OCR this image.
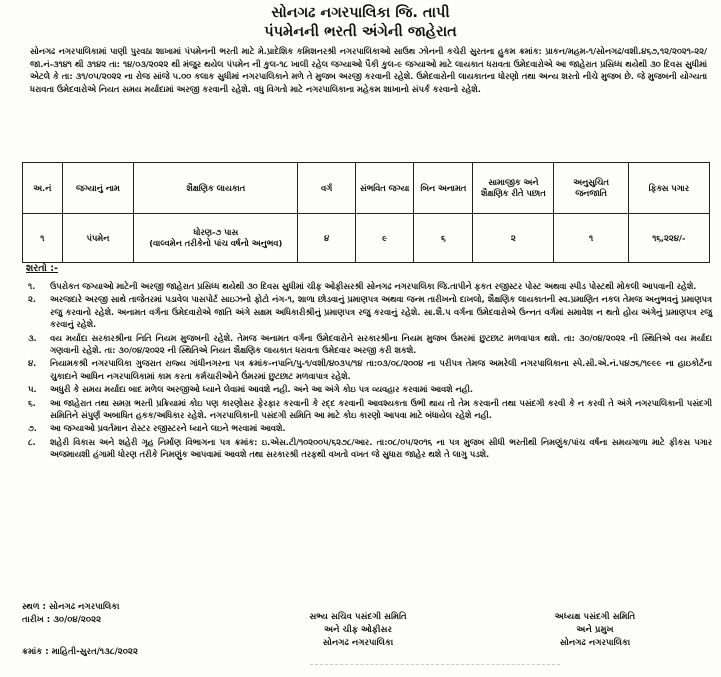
સોનગઢ નગરપાલિકા જિ. તાપી
પંપમેનની ભરતી અંગેની જાહેરાત
સોનગઢ નગરપાલિકામાં પાણી પુરવઠા શાખામાં પંપમેનની ભરતી માટે મે.પ્રાદેશિક કમિશનરશ્રી નગરપાલિકાઓ સાઉથ ઝોનની કચેરી સુરતના હુકમ ક્રમાંક: પ્રાકન/મહમ-૧/સોનગઢ/વશી.૪૬૭,૧૨/૨૦૨૧-૨૨/જા.નં-૩૧૪૧ થી ૩૧૪૨ તા: ૧૪/૦૩/૨૦૨૨ થી મંજુર થયેલ પંપમેન ની કુલ-૧૮ ખાલી રહેલ જગ્યાઓ પૈકી કુલ-૯ જગ્યાઓ માટે લાયકાત ધરાવતા ઉમેદવારોએ આ જાહેરાત પ્રસિધ્ધ થયેથી ૩૦ દિવસ સુધીમાં એટલે કે તા: ૩૧/૦૫/૨૦૨૨ ના રોજ સાંજે ૫.૦૦ કલાક સુધીમાં નગરપાલિકાને મળે તે મુજબ અરજી કરવાની રહેશે. ઉમેદવારોની લાયકાતના ધોરણો તથા અન્ય શરતો નીચે મુજબ છે. જે મુજબની યોગ્યતા ધરાવતા ઉમેદવારોએ નિયત સમય મર્યાદામાં અરજી કરવાની રહેશે. વધુ વિગતો માટે નગરપાલિકાના મહેકમ શાખાનો સંપર્ક કરવાનો રહેશે.
અ.નં	જગ્યાનું નામ	શૈક્ષણિક લાયકાત	વર્ગ	સંભવિત જગ્યા	બિન અનામત	સામાજીક અને શૈક્ષણિક રીતે પછાત	અનુસુચિત જનજાતિ	ફિક્સ પગાર
૧	પંપમેન	ધોરણ-૭ પાસ
(વાલ્વમેન તરીકેનો પાંચ વર્ષનો અનુભવ)	૪	૯	૬	૨	૧	૧૬,૨૨૪/-
શરતો :-
૧.	ઉપરોકત જગ્યાઓ માટેની અરજી જાહેરાત પ્રસિધ્ધ થયેથી ૩૦ દિવસ સુધીમાં ચીફ ઓફીસરશ્રી સોનગઢ નગરપાલિકા જિ.તાપીને ફકત રજીસ્ટર પોસ્ટ અથવા સ્પીડ પોસ્ટથી મોકલી આપવાની રહેશે.
૨.	અરજદારે અરજી સાથે તાજેતરમાં પડાવેલ પાસપોર્ટ સાઇઝનો ફોટો નંગ-૧, શાળા છોડવાનું પ્રમાણપત્ર અથવા જન્મ તારીખનો દાખલો, શૈક્ષણિક લાયકાતની સ્વ.પ્રમાણિત નકલ તેમજ અનુભવનું પ્રમાણપત્ર રજુ કરવાનો રહેશે. અનામત વર્ગના ઉમેદવારોએ જાતિ અંગે સક્ષમ અધિકારીશ્રીનું પ્રમાણપત્ર રજુ કરવાનું રહેશે. સા.શૈ.પ વર્ગના ઉમેદવારોએ ઉન્નત વર્ગમાં સમાવેશ ન થતો હોય અંગેનું પ્રમાણપત્ર રજુ કરવાનું રહેશે.
૩.	વય મર્યાદા સરકારશ્રીના નિતિ નિયમ મુજબની રહેશે. તેમજ અનામત વર્ગના ઉમેદવારોને સરકારશ્રીના નિયમ મુજબ ઉંમરમાં છુટછાટ મળવાપાત્ર થશે. તા: ૩૦/૦૪/૨૦૨૨ ની સ્થિતિએ વય મર્યાદા ગણવાની રહેશે. તા: ૩૦/૦૪/૨૦૨૨ ની સ્થિતિએ નિયત શૈક્ષણિક લાયકાત ધરાવતા ઉમેદવાર અરજી કરી શકશે.
૪.	નિયામકશ્રી નગરપાલિકા ગુજરાત રાજ્ય ગાંધીનગરના પત્ર ક્રમાંક-નપાનિ/પુ-૧/વશી/૪૦૩૫/૧૪ તા:૦૩/૦૮/૨૦૦૪ ના પરીપત્ર તેમજ અમરેલી નગરપાલિકાના સ્પે.સી.એ.નં.૫૪૭૬/૧૯૯૯ ના હાઇકોર્ટના ચુકાદાને આધિન નગરપાલિકામાં કામ કરતા કર્મચારીઓને ઉંમરમાં છુટછાટ મળવાપાત્ર રહેશે.
૫.	અધુરી કે સમય મર્યાદા બાદ મળેલ અરજીઓ ધ્યાને લેવામાં આવશે નહી. અને આ અંગે કોઇ પત્ર વ્યવહાર કરવામાં આવશે નહી.
૬.	આ જાહેરાત તથા સમગ્ર ભરતી પ્રક્રિયામાં કોઇ પણ કારણોસર ફેરફાર કરવાની કે રદ્દ કરવાની આવશ્યકતા ઉભી થાય તો તેમ કરવાની તથા પસંદગી કરવી કે ન કરવી તે અંગે નગરપાલિકાની પસંદગી સમિતિને સંપુર્ણ અબાધિત હકક/અધિકાર રહેશે. નગરપાલિકાની પસંદગી સમિતિ આ માટે કોઇ કારણો આપવા માટે બંધાયેલ રહેશે નહી.
૭.	આ જગ્યાઓ પ્રવર્તમાન રોસ્ટર રજીસ્ટરને ધ્યાને લઇને ભરવામાં આવશે.
૮.	શહેરી વિકાસ અને શહેરી ગૃહ નિર્માણ વિભાગના પત્ર ક્રમાંક: ઇ.એસ.ટી/૧૦૨૦૦૫/૬૨૭૮/આર. તા:૦૮/૦૫/૨૦૧૬ ના પત્ર મુજબ સીધી ભરતીથી નિમણુંક/પાંચ વર્ષના સમયગાળા માટે ફીકસ પગાર અજમાયશી હંગામી ધોરણ તરીકે નિમણુંક આપવામાં આવશે તથા સરકારશ્રી તરફથી વખતો વખત જે સુધારા જાહેર થશે તે લાગુ પડશે.
સ્થળ : સોનગઢ નગરપાલિકા
તારીખ : ૩૦/૦૪/૨૦૨૨	સભ્ય સચિવ પસંદગી સમિતિ
અને ચીફ ઓફીસર
સોનગઢ નગરપાલિકા
અધ્યક્ષ પસંદગી સમિતિ
અને પ્રમુખ
સોનગઢ નગરપાલિકા
ક્રમાંક : માહિતી-સુરત/૧૩૮/૨૦૨૨
